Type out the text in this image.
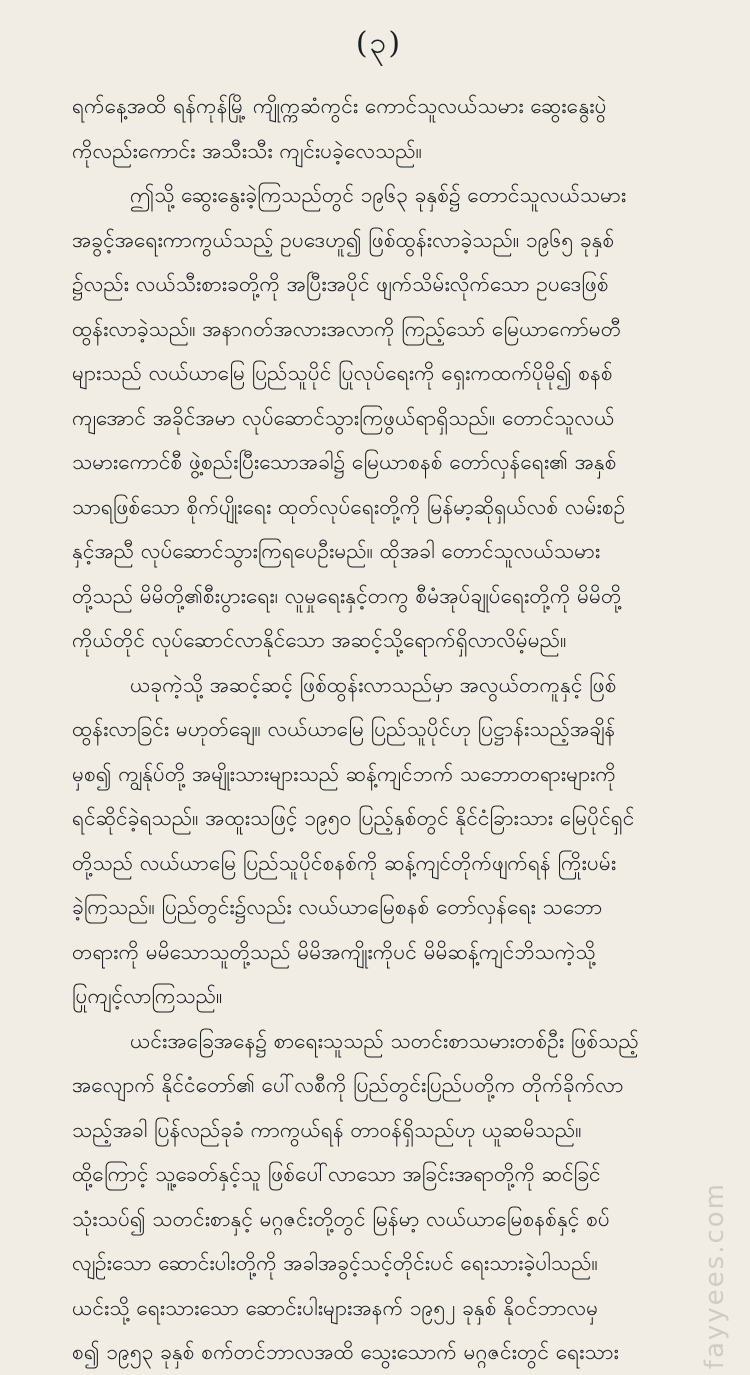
(၃)
ရက်နေ့အထိ ရန်ကုန်မြို့ ကျိုက္ကဆံကွင်း ကောင်သူလယ်သမား ဆွေးနွေးပွဲ
ကိုလည်းကောင်း အသီးသီး ကျင်းပခဲ့လေသည်။
ဤသို့ ဆွေးနွေးခဲ့ကြသည်တွင် ၁၉၆၃ ခုနှစ်၌ တောင်သူလယ်သမား
အခွင့်အရေးကာကွယ်သည့် ဥပဒေဟူ၍ ဖြစ်ထွန်းလာခဲ့သည်။ ၁၉၆၅ ခုနှစ်
၌လည်း လယ်သီးစားခတို့ကို အပြီးအပိုင် ဖျက်သိမ်းလိုက်သော ဥပဒေဖြစ်
ထွန်းလာခဲ့သည်။ အနာဂတ်အလားအလာကို ကြည့်သော် မြေယာကော်မတီ
များသည် လယ်ယာမြေ ပြည်သူပိုင် ပြုလုပ်ရေးကို ရှေးကထက်ပိုမို၍ စနစ်
ကျအောင် အခိုင်အမာ လုပ်ဆောင်သွားကြဖွယ်ရာရှိသည်။ တောင်သူလယ်
သမားကောင်စီ ဖွဲ့စည်းပြီးသောအခါ၌ မြေယာစနစ် တော်လှန်ရေး၏ အနှစ်
သာရဖြစ်သော စိုက်ပျိုးရေး ထုတ်လုပ်ရေးတို့ကို မြန်မာ့ဆိုရှယ်လစ် လမ်းစဉ်
နှင့်အညီ လုပ်ဆောင်သွားကြရပေဦးမည်။ ထိုအခါ တောင်သူလယ်သမား
တို့သည် မိမိတို့၏စီးပွားရေး၊ လူမှုရေးနှင့်တကွ စီမံအုပ်ချုပ်ရေးတို့ကို မိမိတို့
ကိုယ်တိုင် လုပ်ဆောင်လာနိုင်သော အဆင့်သို့ရောက်ရှိလာလိမ့်မည်။
ယခုကဲ့သို့ အဆင့်ဆင့် ဖြစ်ထွန်းလာသည်မှာ အလွယ်တကူနှင့် ဖြစ်
ထွန်းလာခြင်း မဟုတ်ချေ။ လယ်ယာမြေ ပြည်သူပိုင်ဟု ပြဋ္ဌာန်းသည့်အချိန်
မှစ၍ ကျွန်ုပ်တို့ အမျိုးသားများသည် ဆန့်ကျင်ဘက် သဘောတရားများကို
ရင်ဆိုင်ခဲ့ရသည်။ အထူးသဖြင့် ၁၉၅၀ ပြည့်နှစ်တွင် နိုင်ငံခြားသား မြေပိုင်ရှင်
တို့သည် လယ်ယာမြေ ပြည်သူပိုင်စနစ်ကို ဆန့်ကျင်တိုက်ဖျက်ရန် ကြိုးပမ်း
ခဲ့ကြသည်။ ပြည်တွင်း၌လည်း လယ်ယာမြေစနစ် တော်လှန်ရေး သဘော
တရားကို မမိသောသူတို့သည် မိမိအကျိုးကိုပင် မိမိဆန့်ကျင်ဘိသကဲ့သို့
ပြုကျင့်လာကြသည်။
ယင်းအခြေအနေ၌ စာရေးသူသည် သတင်းစာသမားတစ်ဦး ဖြစ်သည့်
အလျောက် နိုင်ငံတော်၏ ပေါ်လစီကို ပြည်တွင်းပြည်ပတို့က တိုက်ခိုက်လာ
သည့်အခါ ပြန်လည်ခုခံ ကာကွယ်ရန် တာဝန်ရှိသည်ဟု ယူဆမိသည်။
ထို့ကြောင့် သူ့ခေတ်နှင့်သူ ဖြစ်ပေါ်လာသော အခြင်းအရာတို့ကို ဆင်ခြင်
သုံးသပ်၍ သတင်းစာနှင့် မဂ္ဂဇင်းတို့တွင် မြန်မာ့ လယ်ယာမြေစနစ်နှင့် စပ်
လျဉ်းသော ဆောင်းပါးတို့ကို အခါအခွင့်သင့်တိုင်းပင် ရေးသားခဲ့ပါသည်။
ယင်းသို့ ရေးသားသော ဆောင်းပါးများအနက် ၁၉၅၂ ခုနှစ် နိုဝင်ဘာလမှ
စ၍ ၁၉၅၃ ခုနှစ် စက်တင်ဘာလအထိ သွေးသောက် မဂ္ဂဇင်းတွင် ရေးသား	fayyees.com
